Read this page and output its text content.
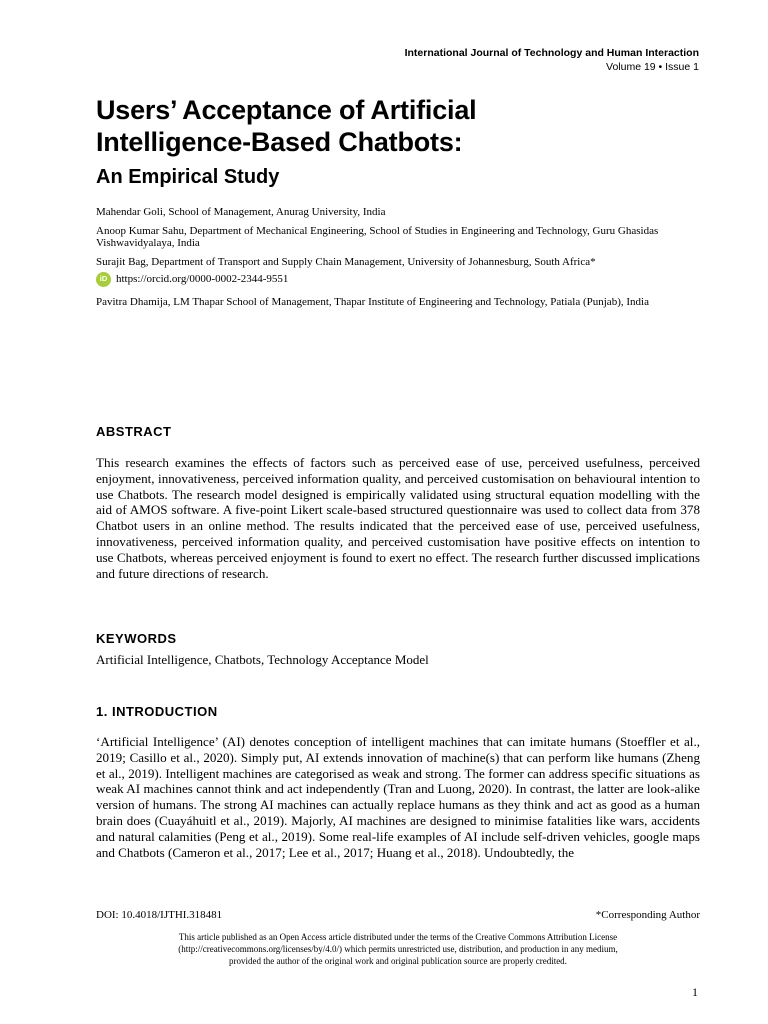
International Journal of Technology and Human Interaction
Volume 19 • Issue 1
Users’ Acceptance of Artificial
Intelligence-Based Chatbots:
An Empirical Study

Mahendar Goli, School of Management, Anurag University, India

Anoop Kumar Sahu, Department of Mechanical Engineering, School of Studies in Engineering and Technology, Guru Ghasidas Vishwavidyalaya, India

Surajit Bag, Department of Transport and Supply Chain Management, University of Johannesburg, South Africa*

iD https://orcid.org/0000-0002-2344-9551

Pavitra Dhamija, LM Thapar School of Management, Thapar Institute of Engineering and Technology, Patiala (Punjab), India

ABSTRACT

This research examines the effects of factors such as perceived ease of use, perceived usefulness, perceived enjoyment, innovativeness, perceived information quality, and perceived customisation on behavioural intention to use Chatbots. The research model designed is empirically validated using structural equation modelling with the aid of AMOS software. A five-point Likert scale-based structured questionnaire was used to collect data from 378 Chatbot users in an online method. The results indicated that the perceived ease of use, perceived usefulness, innovativeness, perceived information quality, and perceived customisation have positive effects on intention to use Chatbots, whereas perceived enjoyment is found to exert no effect. The research further discussed implications and future directions of research.

KEYWORDS

Artificial Intelligence, Chatbots, Technology Acceptance Model

1. INTRODUCTION

‘Artificial Intelligence’ (AI) denotes conception of intelligent machines that can imitate humans (Stoeffler et al., 2019; Casillo et al., 2020). Simply put, AI extends innovation of machine(s) that can perform like humans (Zheng et al., 2019). Intelligent machines are categorised as weak and strong. The former can address specific situations as weak AI machines cannot think and act independently (Tran and Luong, 2020). In contrast, the latter are look-alike version of humans. The strong AI machines can actually replace humans as they think and act as good as a human brain does (Cuayáhuitl et al., 2019). Majorly, AI machines are designed to minimise fatalities like wars, accidents and natural calamities (Peng et al., 2019). Some real-life examples of AI include self-driven vehicles, google maps and Chatbots (Cameron et al., 2017; Lee et al., 2017; Huang et al., 2018). Undoubtedly, the

DOI: 10.4018/IJTHI.318481	*Corresponding Author

This article published as an Open Access article distributed under the terms of the Creative Commons Attribution License
(http://creativecommons.org/licenses/by/4.0/) which permits unrestricted use, distribution, and production in any medium,
provided the author of the original work and original publication source are properly credited.

1
